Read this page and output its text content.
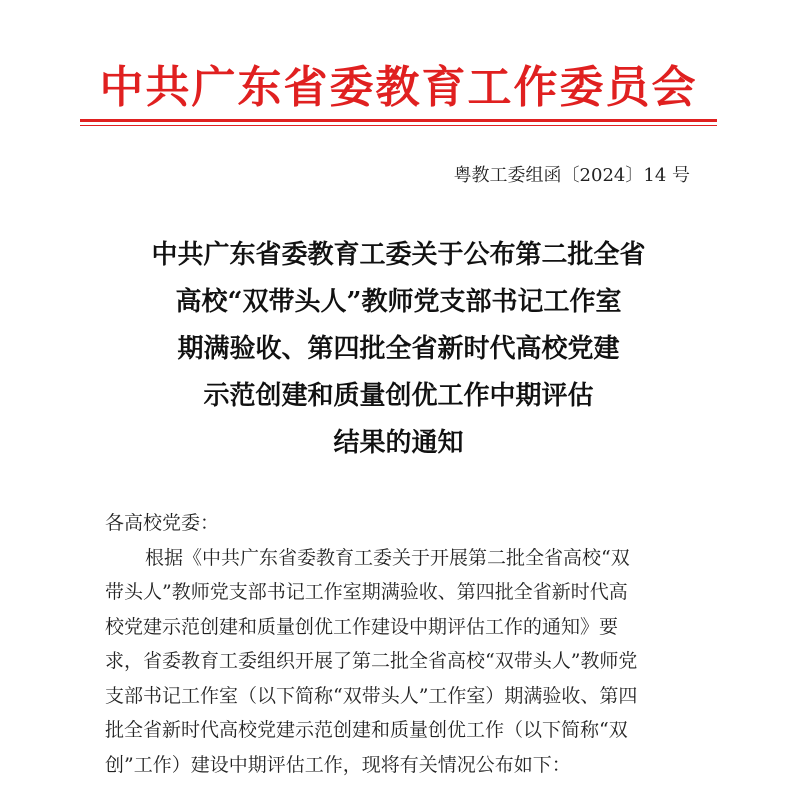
中共广东省委教育工作委员会
粤教工委组函〔2024〕14 号
中共广东省委教育工委关于公布第二批全省
高校“双带头人”教师党支部书记工作室
期满验收、第四批全省新时代高校党建
示范创建和质量创优工作中期评估
结果的通知
各高校党委：
根据《中共广东省委教育工委关于开展第二批全省高校“双
带头人”教师党支部书记工作室期满验收、第四批全省新时代高
校党建示范创建和质量创优工作建设中期评估工作的通知》要
求，省委教育工委组织开展了第二批全省高校“双带头人”教师党
支部书记工作室（以下简称“双带头人”工作室）期满验收、第四
批全省新时代高校党建示范创建和质量创优工作（以下简称“双
创”工作）建设中期评估工作，现将有关情况公布如下：
